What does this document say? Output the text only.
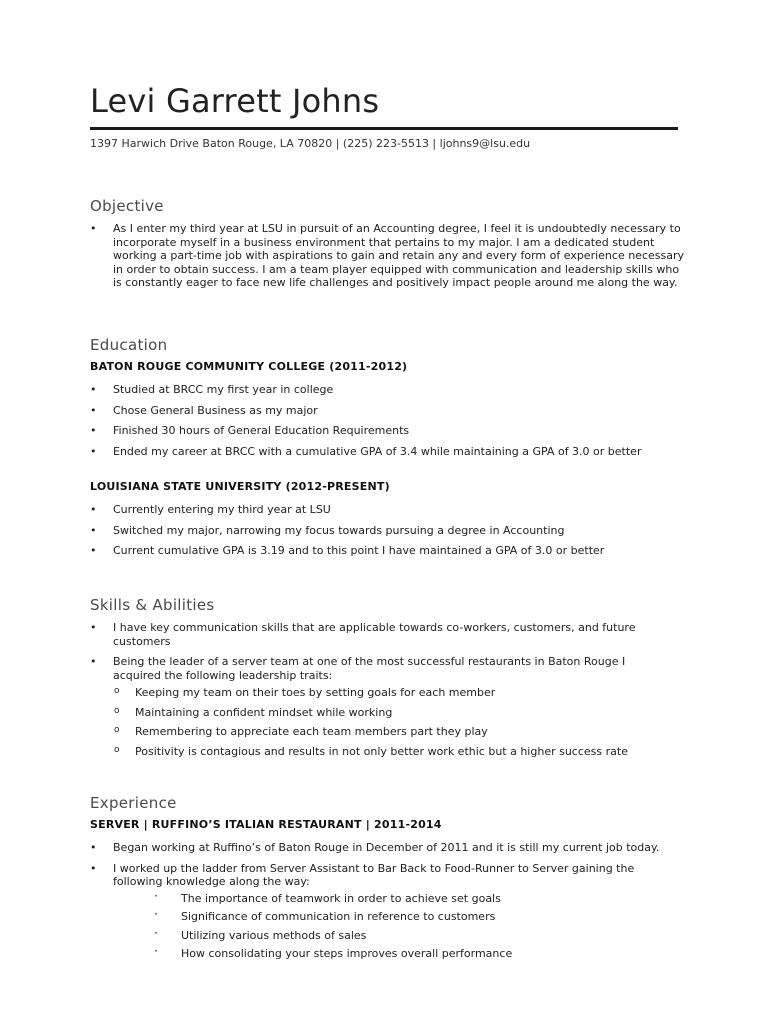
Levi Garrett Johns
1397 Harwich Drive Baton Rouge, LA 70820 | (225) 223-5513 | ljohns9@lsu.edu
Objective
• As I enter my third year at LSU in pursuit of an Accounting degree, I feel it is undoubtedly necessary to incorporate myself in a business environment that pertains to my major. I am a dedicated student working a part-time job with aspirations to gain and retain any and every form of experience necessary in order to obtain success. I am a team player equipped with communication and leadership skills who is constantly eager to face new life challenges and positively impact people around me along the way.
Education
BATON ROUGE COMMUNITY COLLEGE (2011-2012)
• Studied at BRCC my first year in college
• Chose General Business as my major
• Finished 30 hours of General Education Requirements
• Ended my career at BRCC with a cumulative GPA of 3.4 while maintaining a GPA of 3.0 or better
LOUISIANA STATE UNIVERSITY (2012-PRESENT)
• Currently entering my third year at LSU
• Switched my major, narrowing my focus towards pursuing a degree in Accounting
• Current cumulative GPA is 3.19 and to this point I have maintained a GPA of 3.0 or better
Skills & Abilities
• I have key communication skills that are applicable towards co-workers, customers, and future customers
• Being the leader of a server team at one of the most successful restaurants in Baton Rouge I acquired the following leadership traits:
o Keeping my team on their toes by setting goals for each member
o Maintaining a confident mindset while working
o Remembering to appreciate each team members part they play
o Positivity is contagious and results in not only better work ethic but a higher success rate
Experience
SERVER | RUFFINO’S ITALIAN RESTAURANT | 2011-2014
• Began working at Ruffino’s of Baton Rouge in December of 2011 and it is still my current job today.
• I worked up the ladder from Server Assistant to Bar Back to Food-Runner to Server gaining the following knowledge along the way:
· The importance of teamwork in order to achieve set goals
· Significance of communication in reference to customers
· Utilizing various methods of sales
· How consolidating your steps improves overall performance
